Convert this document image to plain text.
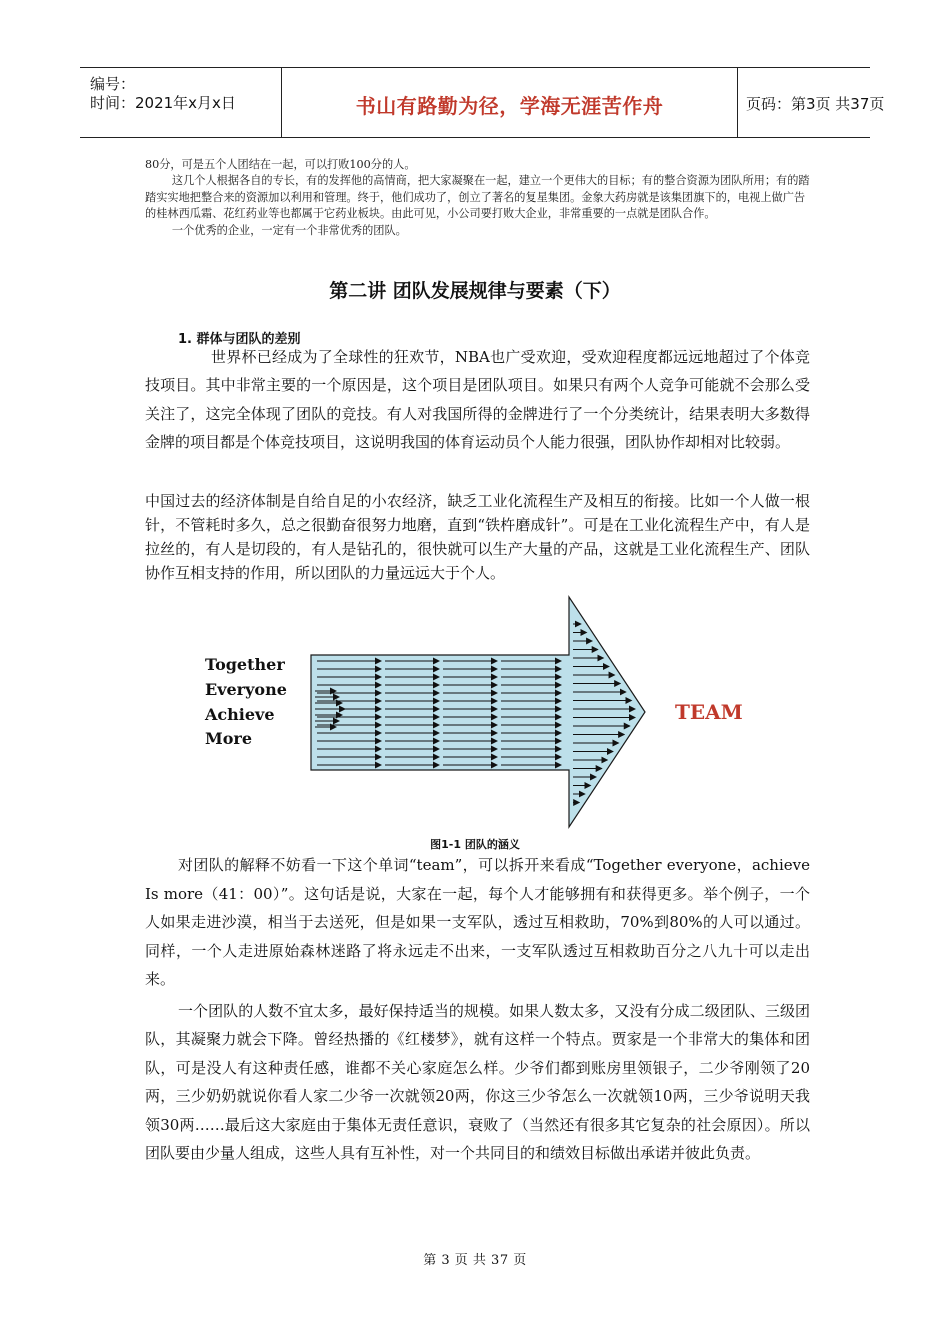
编号：
时间：2021年x月x日	书山有路勤为径，学海无涯苦作舟	页码：第3页 共37页

80分，可是五个人团结在一起，可以打败100分的人。

这几个人根据各自的专长，有的发挥他的高情商，把大家凝聚在一起，建立一个更伟大的目标；有的整合资源为团队所用；有的踏踏实实地把整合来的资源加以利用和管理。终于，他们成功了，创立了著名的复星集团。金象大药房就是该集团旗下的，电视上做广告的桂林西瓜霜、花红药业等也都属于它药业板块。由此可见，小公司要打败大企业，非常重要的一点就是团队合作。

一个优秀的企业，一定有一个非常优秀的团队。

第二讲 团队发展规律与要素（下）
1. 群体与团队的差别

世界杯已经成为了全球性的狂欢节，NBA也广受欢迎，受欢迎程度都远远地超过了个体竞技项目。其中非常主要的一个原因是，这个项目是团队项目。如果只有两个人竞争可能就不会那么受关注了，这完全体现了团队的竞技。有人对我国所得的金牌进行了一个分类统计，结果表明大多数得金牌的项目都是个体竞技项目，这说明我国的体育运动员个人能力很强，团队协作却相对比较弱。

中国过去的经济体制是自给自足的小农经济，缺乏工业化流程生产及相互的衔接。比如一个人做一根针，不管耗时多久，总之很勤奋很努力地磨，直到“铁杵磨成针”。可是在工业化流程生产中，有人是拉丝的，有人是切段的，有人是钻孔的，很快就可以生产大量的产品，这就是工业化流程生产、团队协作互相支持的作用，所以团队的力量远远大于个人。

Together
Everyone
Achieve
More
TEAM
图1-1 团队的涵义

对团队的解释不妨看一下这个单词“team”，可以拆开来看成“Together everyone，achieve Is more（41：00）”。这句话是说，大家在一起，每个人才能够拥有和获得更多。举个例子，一个人如果走进沙漠，相当于去送死，但是如果一支军队，透过互相救助，70%到80%的人可以通过。同样，一个人走进原始森林迷路了将永远走不出来，一支军队透过互相救助百分之八九十可以走出来。

一个团队的人数不宜太多，最好保持适当的规模。如果人数太多，又没有分成二级团队、三级团队，其凝聚力就会下降。曾经热播的《红楼梦》，就有这样一个特点。贾家是一个非常大的集体和团队，可是没人有这种责任感，谁都不关心家庭怎么样。少爷们都到账房里领银子，二少爷刚领了20两，三少奶奶就说你看人家二少爷一次就领20两，你这三少爷怎么一次就领10两，三少爷说明天我领30两……最后这大家庭由于集体无责任意识，衰败了（当然还有很多其它复杂的社会原因）。所以团队要由少量人组成，这些人具有互补性，对一个共同目的和绩效目标做出承诺并彼此负责。

第 3 页 共 37 页
